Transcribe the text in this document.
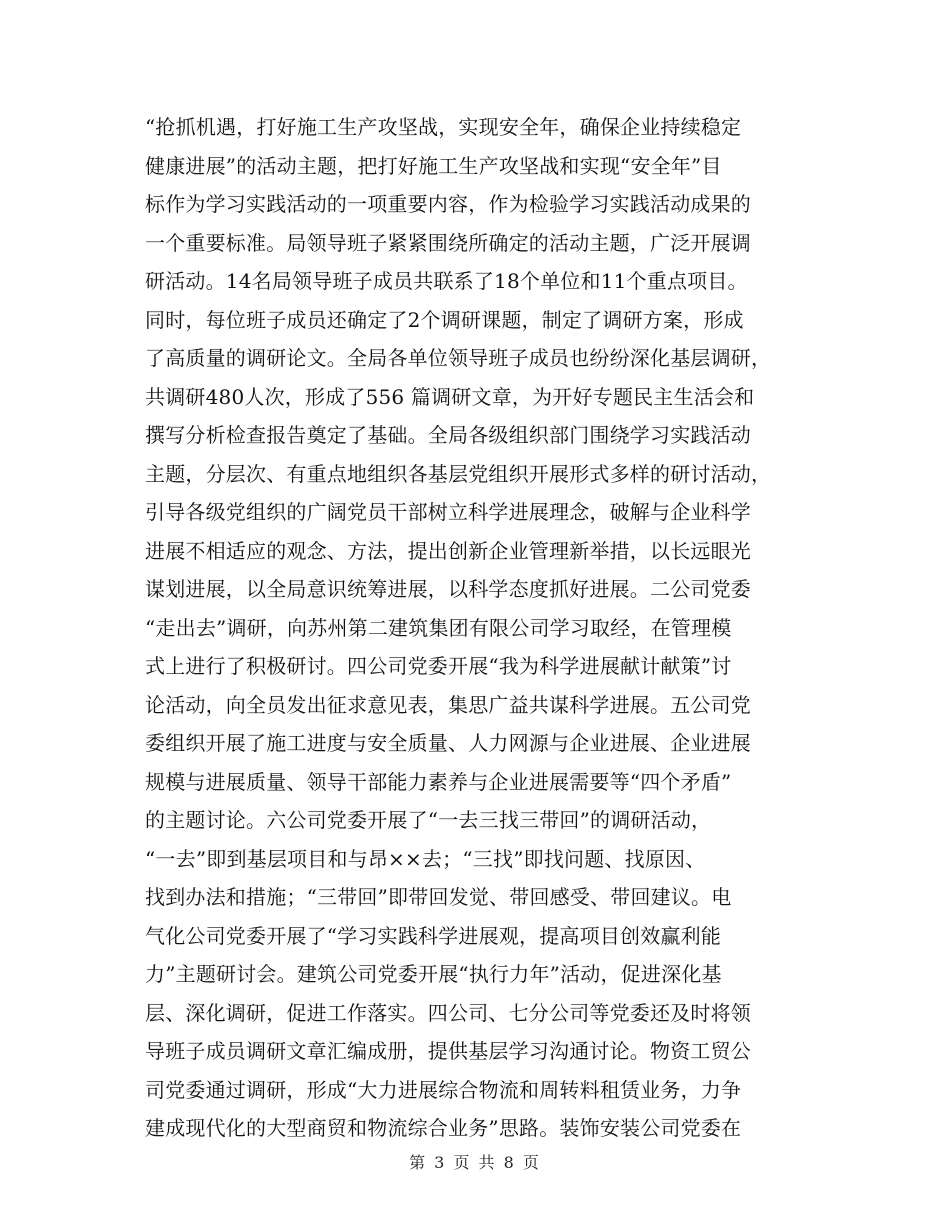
“抢抓机遇，打好施工生产攻坚战，实现安全年，确保企业持续稳定
健康进展”的活动主题，把打好施工生产攻坚战和实现“安全年”目
标作为学习实践活动的一项重要内容，作为检验学习实践活动成果的
一个重要标准。局领导班子紧紧围绕所确定的活动主题，广泛开展调
研活动。14名局领导班子成员共联系了18个单位和11个重点项目。
同时，每位班子成员还确定了2个调研课题，制定了调研方案，形成
了高质量的调研论文。全局各单位领导班子成员也纷纷深化基层调研，
共调研480人次，形成了556 篇调研文章，为开好专题民主生活会和
撰写分析检查报告奠定了基础。全局各级组织部门围绕学习实践活动
主题，分层次、有重点地组织各基层党组织开展形式多样的研讨活动，
引导各级党组织的广阔党员干部树立科学进展理念，破解与企业科学
进展不相适应的观念、方法，提出创新企业管理新举措，以长远眼光
谋划进展，以全局意识统筹进展，以科学态度抓好进展。二公司党委
“走出去”调研，向苏州第二建筑集团有限公司学习取经，在管理模
式上进行了积极研讨。四公司党委开展“我为科学进展献计献策”讨
论活动，向全员发出征求意见表，集思广益共谋科学进展。五公司党
委组织开展了施工进度与安全质量、人力网源与企业进展、企业进展
规模与进展质量、领导干部能力素养与企业进展需要等“四个矛盾”
的主题讨论。六公司党委开展了“一去三找三带回”的调研活动，
“一去”即到基层项目和与昂××去；“三找”即找问题、找原因、
找到办法和措施；“三带回”即带回发觉、带回感受、带回建议。电
气化公司党委开展了“学习实践科学进展观，提高项目创效赢利能
力”主题研讨会。建筑公司党委开展“执行力年”活动，促进深化基
层、深化调研，促进工作落实。四公司、七分公司等党委还及时将领
导班子成员调研文章汇编成册，提供基层学习沟通讨论。物资工贸公
司党委通过调研，形成“大力进展综合物流和周转料租赁业务，力争
建成现代化的大型商贸和物流综合业务”思路。装饰安装公司党委在
第 3 页 共 8 页
